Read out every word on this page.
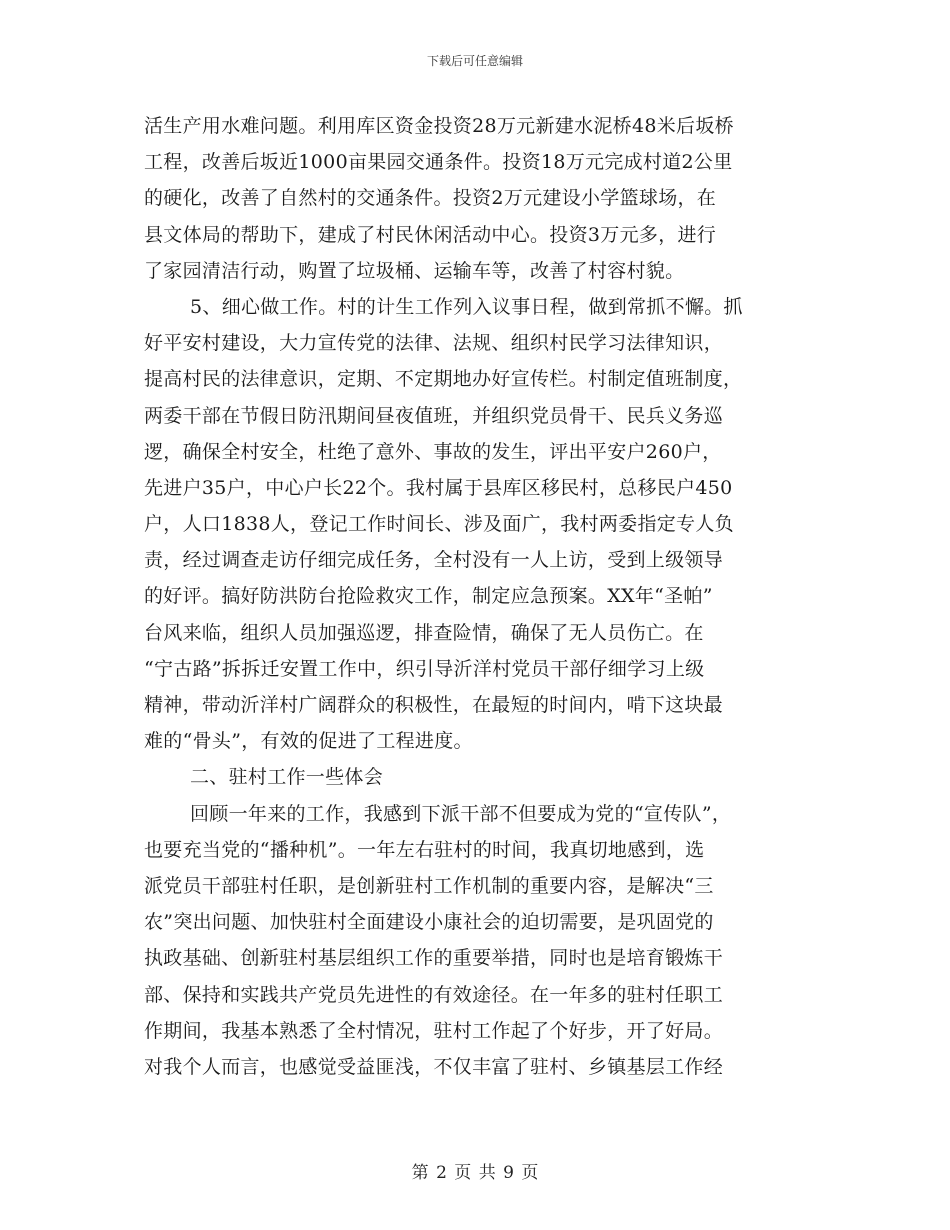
下载后可任意编辑
活生产用水难问题。利用库区资金投资28万元新建水泥桥48米后坂桥
工程，改善后坂近1000亩果园交通条件。投资18万元完成村道2公里
的硬化，改善了自然村的交通条件。投资2万元建设小学篮球场，在
县文体局的帮助下，建成了村民休闲活动中心。投资3万元多，进行
了家园清洁行动，购置了垃圾桶、运输车等，改善了村容村貌。
5、细心做工作。村的计生工作列入议事日程，做到常抓不懈。抓
好平安村建设，大力宣传党的法律、法规、组织村民学习法律知识，
提高村民的法律意识，定期、不定期地办好宣传栏。村制定值班制度，
两委干部在节假日防汛期间昼夜值班，并组织党员骨干、民兵义务巡
逻，确保全村安全，杜绝了意外、事故的发生，评出平安户260户，
先进户35户，中心户长22个。我村属于县库区移民村，总移民户450
户，人口1838人，登记工作时间长、涉及面广，我村两委指定专人负
责，经过调查走访仔细完成任务，全村没有一人上访，受到上级领导
的好评。搞好防洪防台抢险救灾工作，制定应急预案。XX年“圣帕”
台风来临，组织人员加强巡逻，排查险情，确保了无人员伤亡。在
“宁古路”拆拆迁安置工作中，织引导沂洋村党员干部仔细学习上级
精神，带动沂洋村广阔群众的积极性，在最短的时间内，啃下这块最
难的“骨头”，有效的促进了工程进度。
二、驻村工作一些体会
回顾一年来的工作，我感到下派干部不但要成为党的“宣传队”，
也要充当党的“播种机”。一年左右驻村的时间，我真切地感到，选
派党员干部驻村任职，是创新驻村工作机制的重要内容，是解决“三
农”突出问题、加快驻村全面建设小康社会的迫切需要，是巩固党的
执政基础、创新驻村基层组织工作的重要举措，同时也是培育锻炼干
部、保持和实践共产党员先进性的有效途径。在一年多的驻村任职工
作期间，我基本熟悉了全村情况，驻村工作起了个好步，开了好局。
对我个人而言，也感觉受益匪浅，不仅丰富了驻村、乡镇基层工作经
第 2 页 共 9 页
